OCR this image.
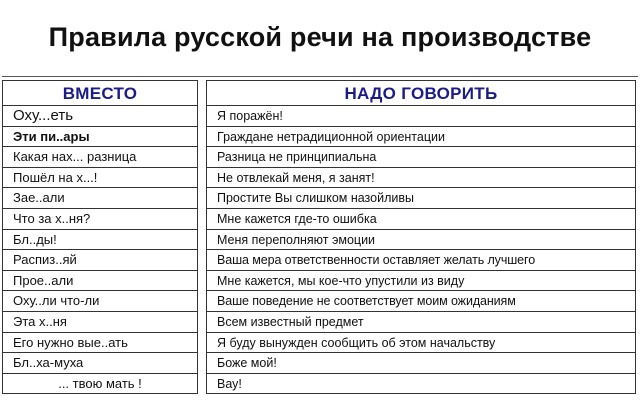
Правила русской речи на производстве
ВМЕСТО
Оху...еть
Эти пи..ары
Какая нах... разница
Пошёл на х...!
Зае..али
Что за х..ня?
Бл..ды!
Распиз..яй
Прое..али
Оху..ли что-ли
Эта х..ня
Его нужно вые..ать
Бл..ха-муха
... твою мать !
НАДО ГОВОРИТЬ
Я поражён!
Граждане нетрадиционной ориентации
Разница не принципиальна
Не отвлекай меня, я занят!
Простите Вы слишком назойливы
Мне кажется где-то ошибка
Меня переполняют эмоции
Ваша мера ответственности оставляет желать лучшего
Мне кажется, мы кое-что упустили из виду
Ваше поведение не соответствует моим ожиданиям
Всем известный предмет
Я буду вынужден сообщить об этом начальству
Боже мой!
Вау!
